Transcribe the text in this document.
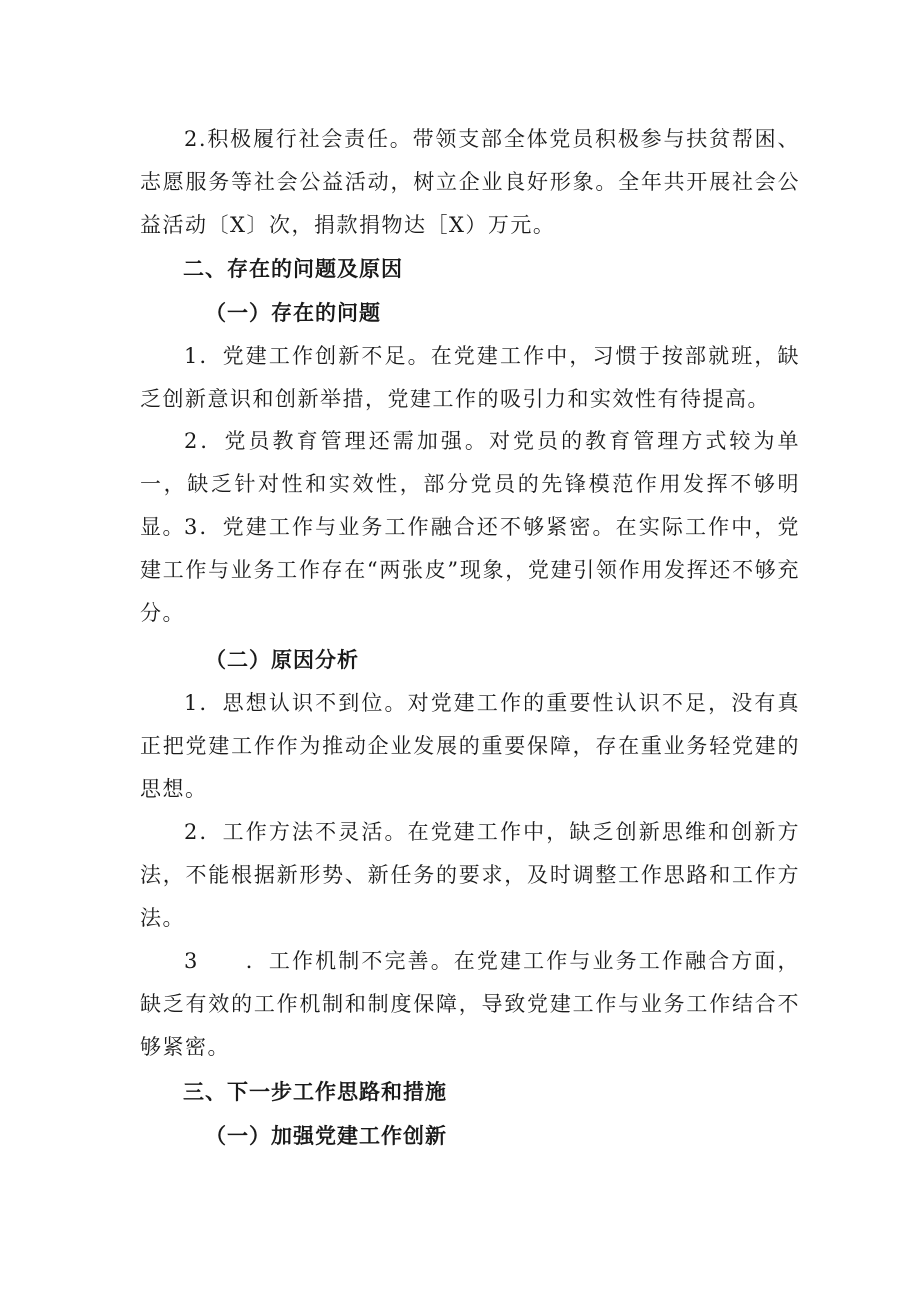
2.积极履行社会责任。带领支部全体党员积极参与扶贫帮困、志愿服务等社会公益活动，树立企业良好形象。全年共开展社会公益活动〔X〕次，捐款捐物达［X）万元。

二、存在的问题及原因
（一）存在的问题

1．党建工作创新不足。在党建工作中，习惯于按部就班，缺乏创新意识和创新举措，党建工作的吸引力和实效性有待提高。

2．党员教育管理还需加强。对党员的教育管理方式较为单一，缺乏针对性和实效性，部分党员的先锋模范作用发挥不够明显。 3．党建工作与业务工作融合还不够紧密。在实际工作中，党建工作与业务工作存在“两张皮”现象，党建引领作用发挥还不够充分。

（二）原因分析

1．思想认识不到位。对党建工作的重要性认识不足，没有真正把党建工作作为推动企业发展的重要保障，存在重业务轻党建的思想。

2．工作方法不灵活。在党建工作中，缺乏创新思维和创新方法，不能根据新形势、新任务的要求，及时调整工作思路和工作方法。

3　　．工作机制不完善。在党建工作与业务工作融合方面，缺乏有效的工作机制和制度保障，导致党建工作与业务工作结合不够紧密。

三、下一步工作思路和措施
（一）加强党建工作创新
